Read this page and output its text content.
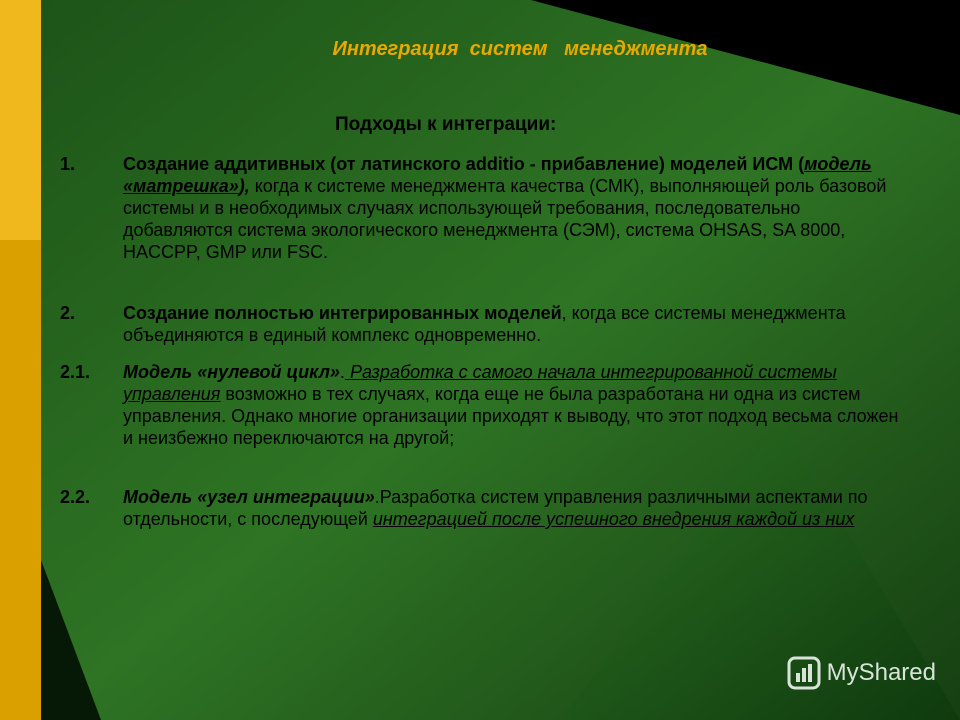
Интеграция  систем   менеджмента
Подходы к интеграции:
1.	Создание аддитивных (от латинского additio - прибавление) моделей ИСМ (модель «матрешка»), когда к системе менеджмента качества (СМК), выполняющей роль базовой системы и в необходимых случаях использующей требования, последовательно добавляются система экологического менеджмента (СЭМ), система OHSAS, SA 8000, HACCPP, GMP или FSC.
2.	Создание полностью интегрированных моделей, когда все системы менеджмента объединяются в единый комплекс одновременно.
2.1. Модель «нулевой цикл». Разработка с самого начала интегрированной системы управления возможно в тех случаях, когда еще не была разработана ни одна из систем управления. Однако многие организации приходят к выводу, что этот подход весьма сложен и неизбежно переключаются на другой;
2.2. Модель «узел интеграции».Разработка систем управления различными аспектами по отдельности, с последующей интеграцией после успешного внедрения каждой из них
MyShared
